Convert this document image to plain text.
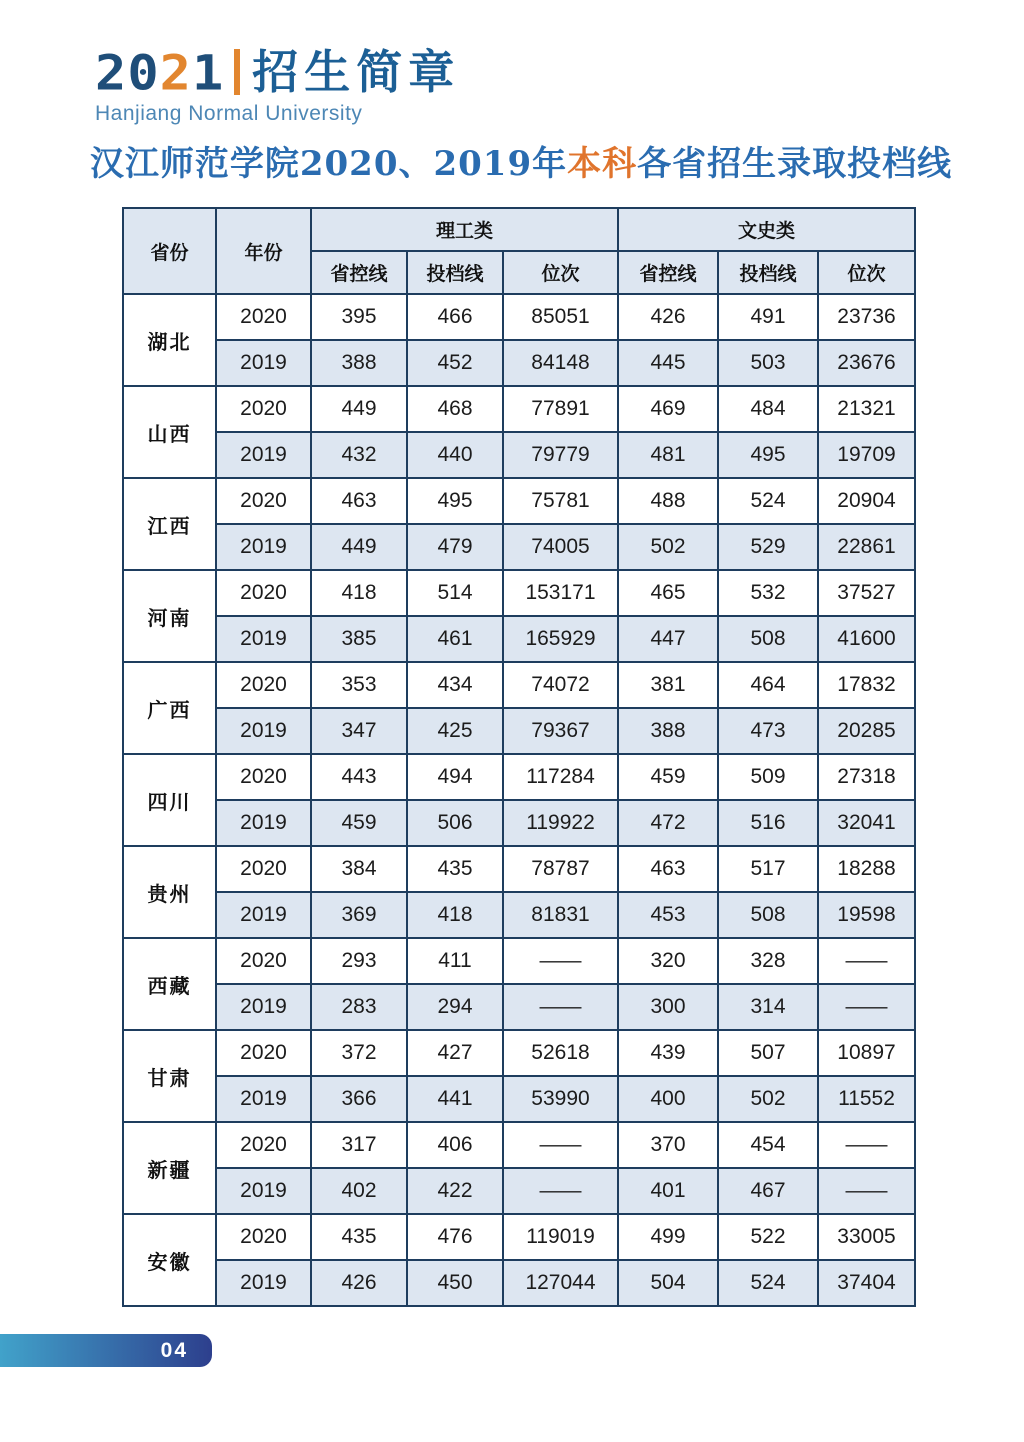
2021 招生简章
Hanjiang Normal University
汉江师范学院2020、2019年本科各省招生录取投档线
省份	年份	理工类			文史类		
		省控线	投档线	位次	省控线	投档线	位次
湖北	2020	395	466	85051	426	491	23736
	2019	388	452	84148	445	503	23676
山西	2020	449	468	77891	469	484	21321
	2019	432	440	79779	481	495	19709
江西	2020	463	495	75781	488	524	20904
	2019	449	479	74005	502	529	22861
河南	2020	418	514	153171	465	532	37527
	2019	385	461	165929	447	508	41600
广西	2020	353	434	74072	381	464	17832
	2019	347	425	79367	388	473	20285
四川	2020	443	494	117284	459	509	27318
	2019	459	506	119922	472	516	32041
贵州	2020	384	435	78787	463	517	18288
	2019	369	418	81831	453	508	19598
西藏	2020	293	411	——	320	328	——
	2019	283	294	——	300	314	——
甘肃	2020	372	427	52618	439	507	10897
	2019	366	441	53990	400	502	11552
新疆	2020	317	406	——	370	454	——
	2019	402	422	——	401	467	——
安徽	2020	435	476	119019	499	522	33005
	2019	426	450	127044	504	524	37404
04
